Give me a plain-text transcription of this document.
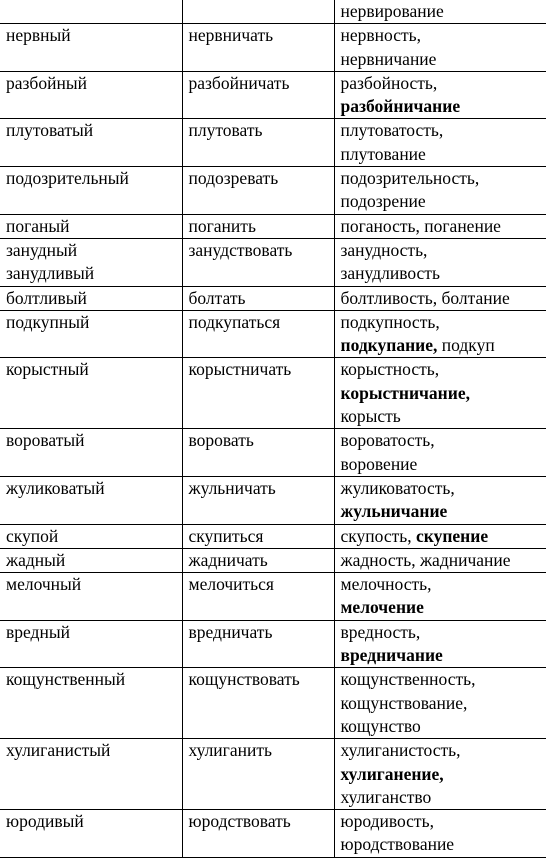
		нервирование

нервный	нервничать	нервность,
нервничание

разбойный	разбойничать	разбойность,
разбойничание

плутоватый	плутовать	плутоватость,
плутование

подозрительный	подозревать	подозрительность,
подозрение

поганый	поганить	поганость, поганение

занудный
занудливый	занудствовать	занудность,
занудливость

болтливый	болтать	болтливость, болтание

подкупный	подкупаться	подкупность,
подкупание, подкуп

корыстный	корыстничать	корыстность,
корыстничание,
корысть

вороватый	воровать	вороватость,
воровение

жуликоватый	жульничать	жуликоватость,
жульничание

скупой	скупиться	скупость, скупение

жадный	жадничать	жадность, жадничание

мелочный	мелочиться	мелочность,
мелочение

вредный	вредничать	вредность,
вредничание

кощунственный	кощунствовать	кощунственность,
кощунствование,
кощунство

хулиганистый	хулиганить	хулиганистость,
хулиганение,
хулиганство

юродивый	юродствовать	юродивость,
юродствование
